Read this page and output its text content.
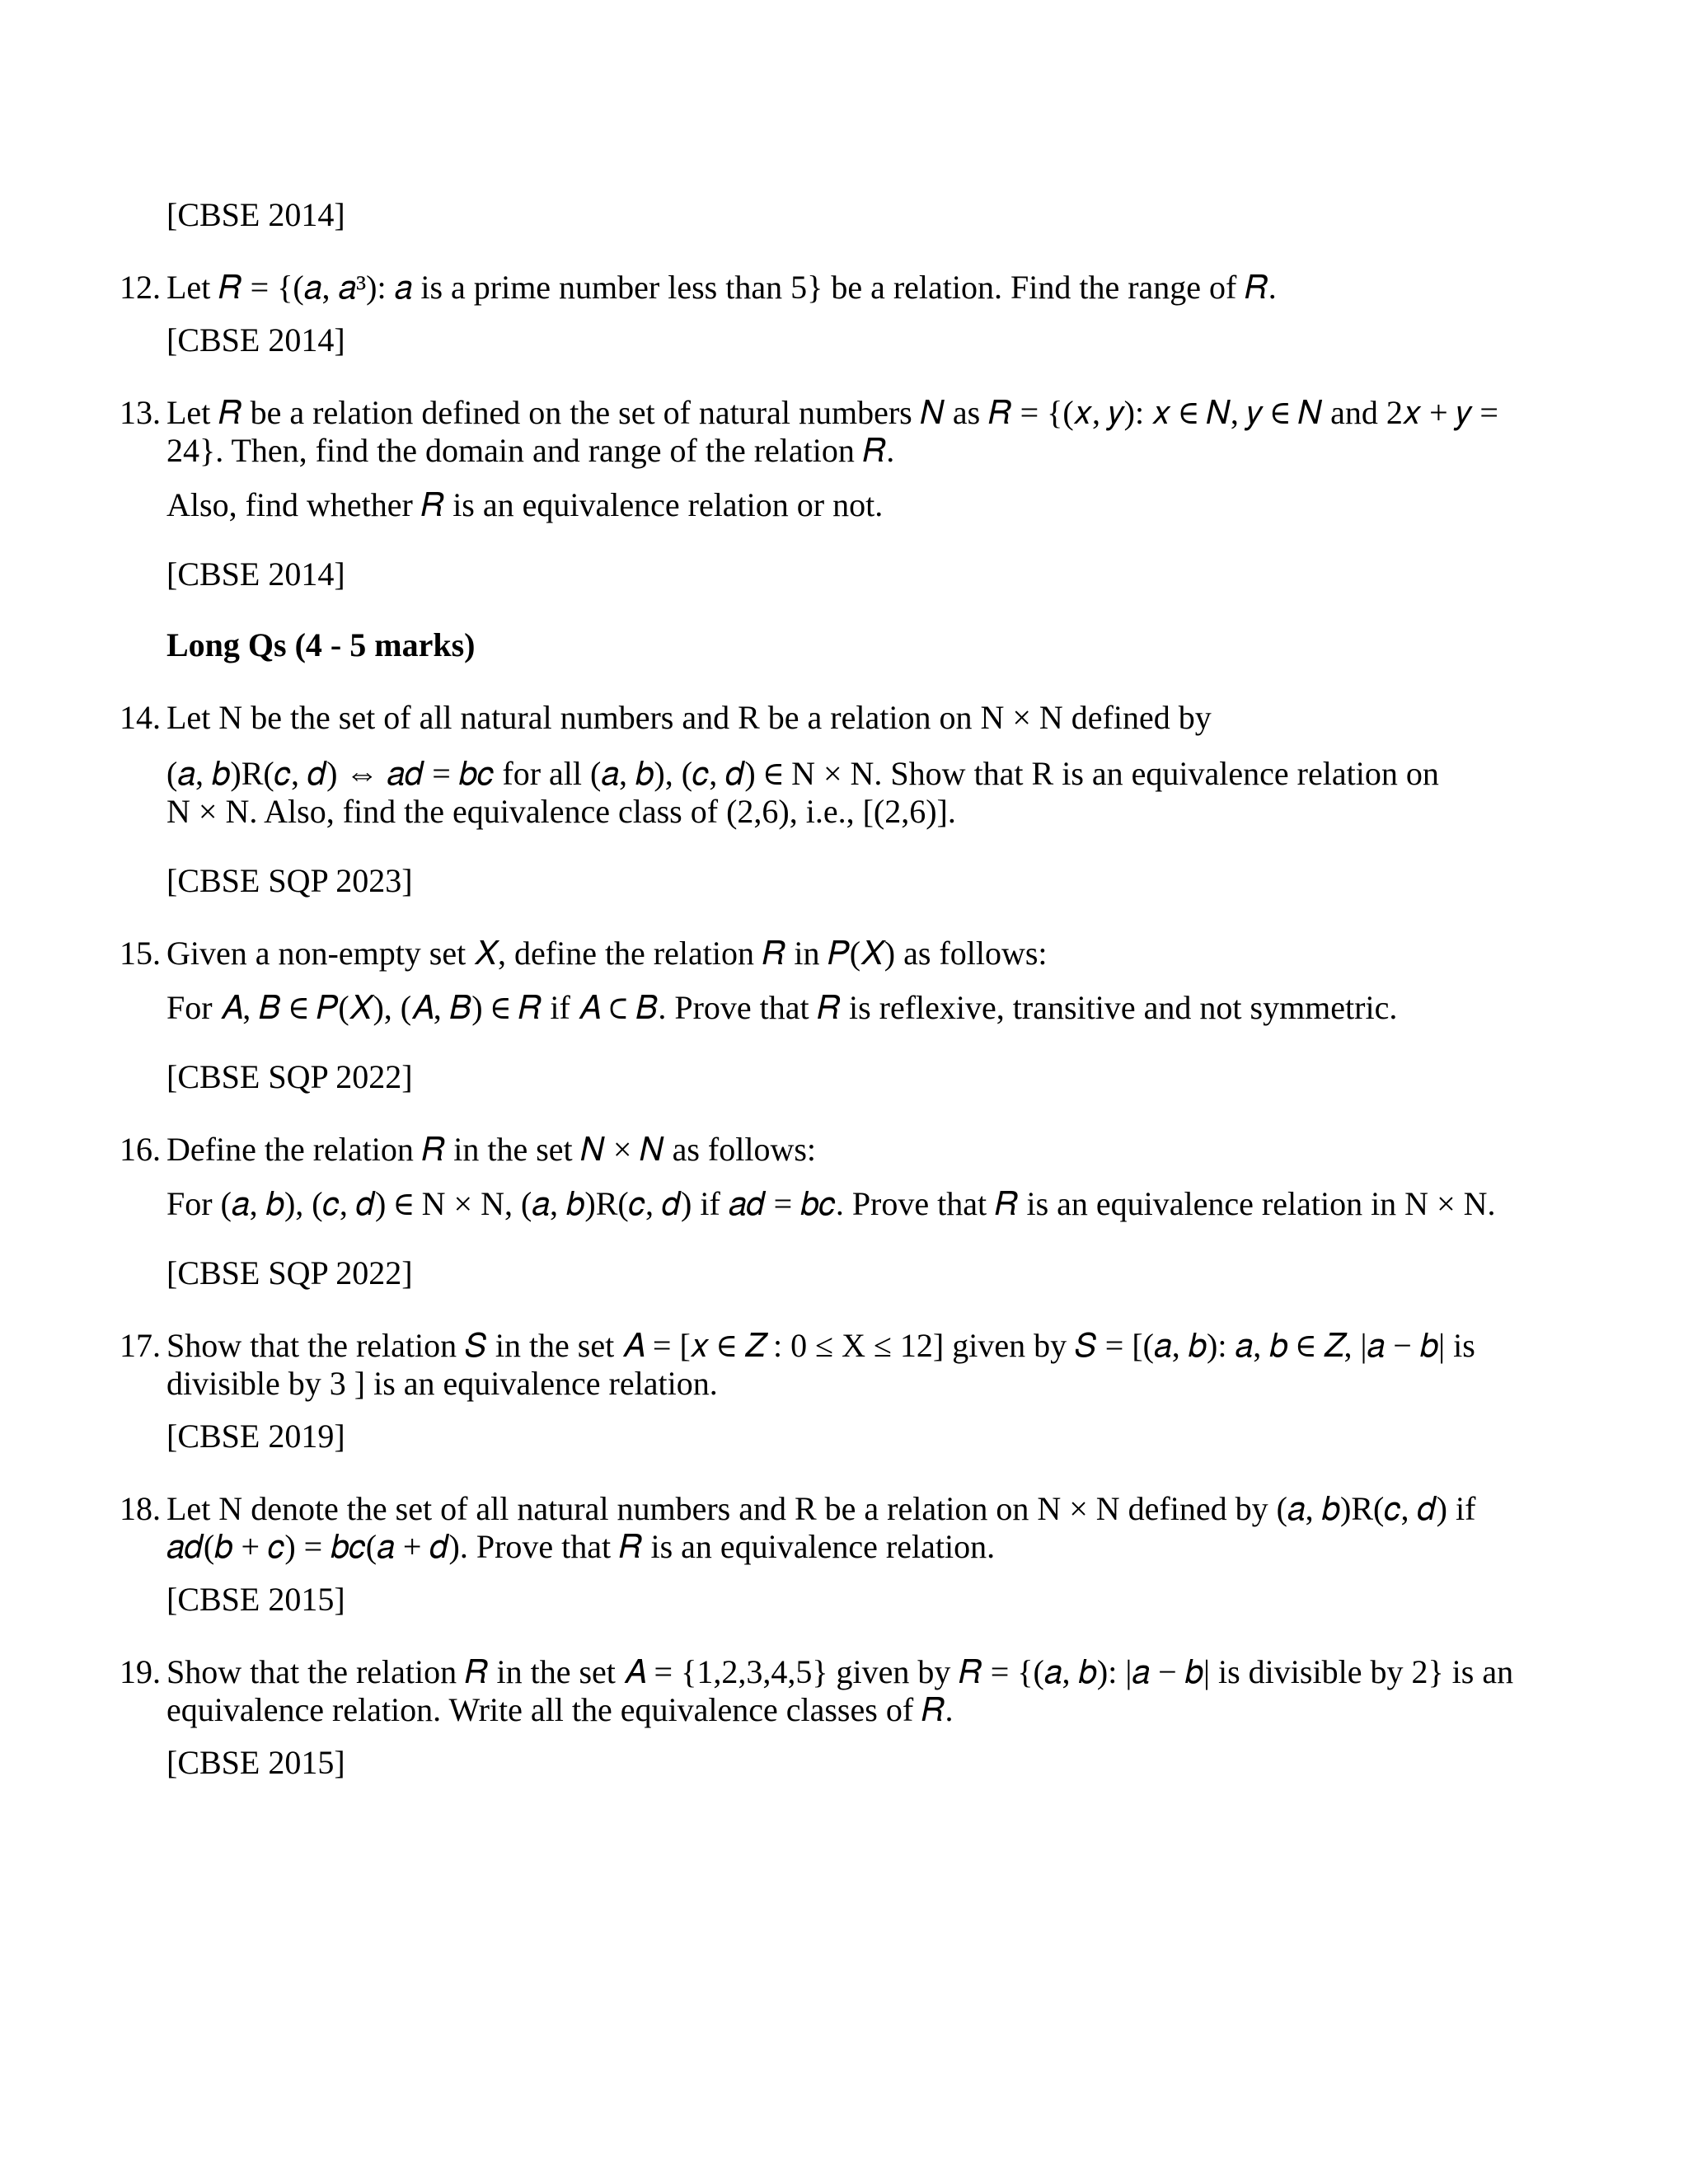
[CBSE 2014]
12. Let 𝑅 = {(𝑎, 𝑎³): 𝑎 is a prime number less than 5} be a relation. Find the range of 𝑅.
[CBSE 2014]
13. Let 𝑅 be a relation defined on the set of natural numbers 𝑁 as 𝑅 = {(𝑥, 𝑦): 𝑥 ∈ 𝑁, 𝑦 ∈ 𝑁 and 2𝑥 + 𝑦 =
24}. Then, find the domain and range of the relation 𝑅.
Also, find whether 𝑅 is an equivalence relation or not.
[CBSE 2014]
Long Qs (4 - 5 marks)
14. Let N be the set of all natural numbers and R be a relation on N × N defined by
(𝑎, 𝑏)R(𝑐, 𝑑) ⇔ 𝑎𝑑 = 𝑏𝑐 for all (𝑎, 𝑏), (𝑐, 𝑑) ∈ N × N. Show that R is an equivalence relation on
N × N. Also, find the equivalence class of (2,6), i.e., [(2,6)].
[CBSE SQP 2023]
15. Given a non-empty set 𝑋, define the relation 𝑅 in 𝑃(𝑋) as follows:
For 𝐴, 𝐵 ∈ 𝑃(𝑋), (𝐴, 𝐵) ∈ 𝑅 if 𝐴 ⊂ 𝐵. Prove that 𝑅 is reflexive, transitive and not symmetric.
[CBSE SQP 2022]
16. Define the relation 𝑅 in the set 𝑁 × 𝑁 as follows:
For (𝑎, 𝑏), (𝑐, 𝑑) ∈ N × N, (𝑎, 𝑏)R(𝑐, 𝑑) if 𝑎𝑑 = 𝑏𝑐. Prove that 𝑅 is an equivalence relation in N × N.
[CBSE SQP 2022]
17. Show that the relation 𝑆 in the set 𝐴 = [𝑥 ∈ 𝑍 : 0 ≤ X ≤ 12] given by 𝑆 = [(𝑎, 𝑏): 𝑎, 𝑏 ∈ 𝑍, |𝑎 − 𝑏| is
divisible by 3 ] is an equivalence relation.
[CBSE 2019]
18. Let N denote the set of all natural numbers and R be a relation on N × N defined by (𝑎, 𝑏)R(𝑐, 𝑑) if
𝑎𝑑(𝑏 + 𝑐) = 𝑏𝑐(𝑎 + 𝑑). Prove that 𝑅 is an equivalence relation.
[CBSE 2015]
19. Show that the relation 𝑅 in the set 𝐴 = {1,2,3,4,5} given by 𝑅 = {(𝑎, 𝑏): |𝑎 − 𝑏| is divisible by 2} is an
equivalence relation. Write all the equivalence classes of 𝑅.
[CBSE 2015]
